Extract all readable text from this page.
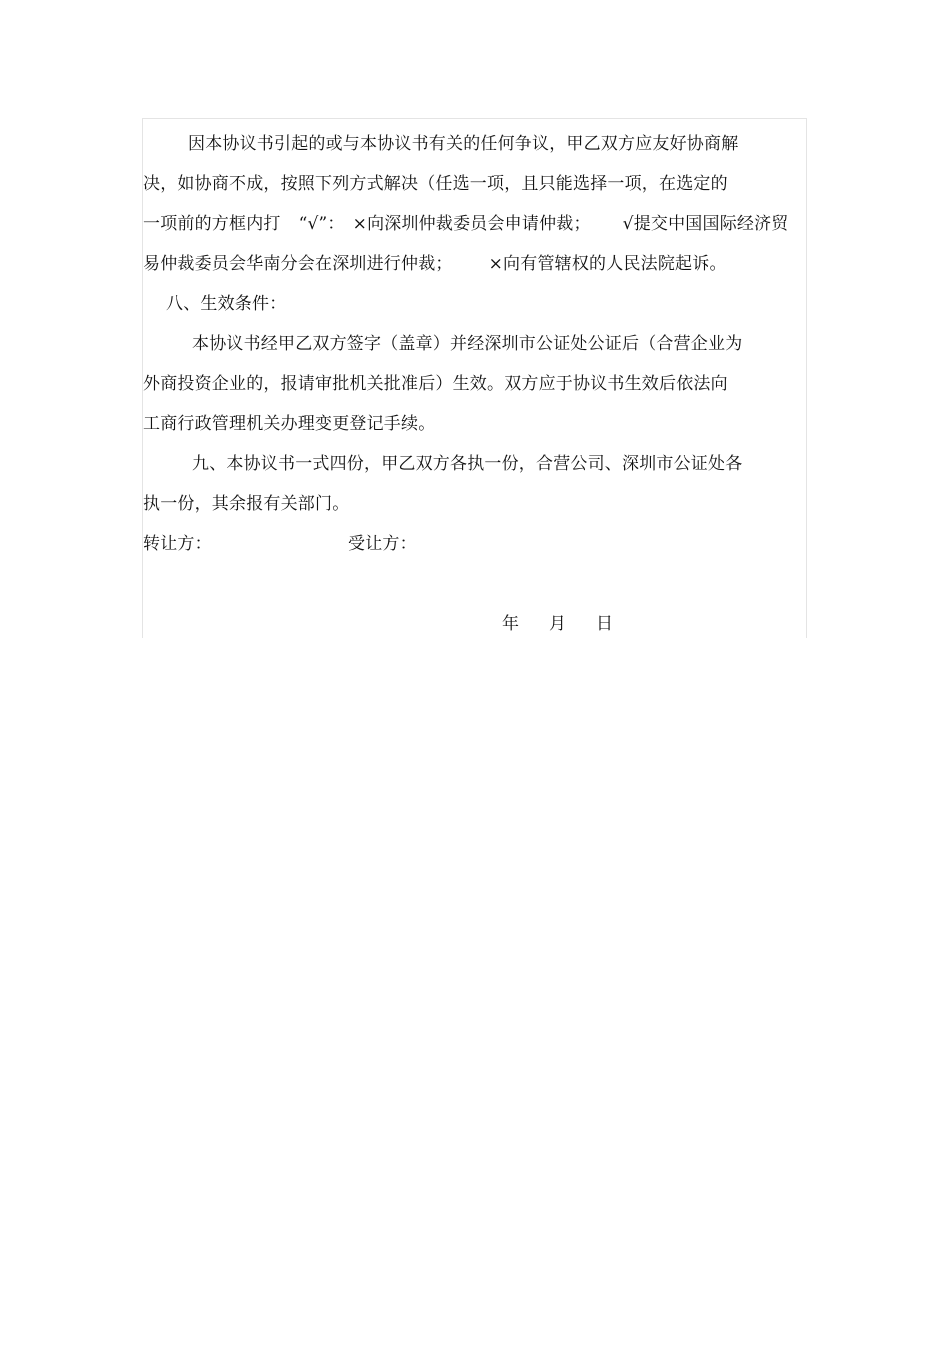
因本协议书引起的或与本协议书有关的任何争议，甲乙双方应友好协商解
决，如协商不成，按照下列方式解决（任选一项，且只能选择一项，在选定的
一项前的方框内打 “√”： ×向深圳仲裁委员会申请仲裁； √提交中国国际经济贸
易仲裁委员会华南分会在深圳进行仲裁； ×向有管辖权的人民法院起诉。
八、生效条件：
本协议书经甲乙双方签字（盖章）并经深圳市公证处公证后（合营企业为
外商投资企业的，报请审批机关批准后）生效。双方应于协议书生效后依法向
工商行政管理机关办理变更登记手续。
九、本协议书一式四份，甲乙双方各执一份，合营公司、深圳市公证处各
执一份，其余报有关部门。
转让方：	受让方：
年 月 日
